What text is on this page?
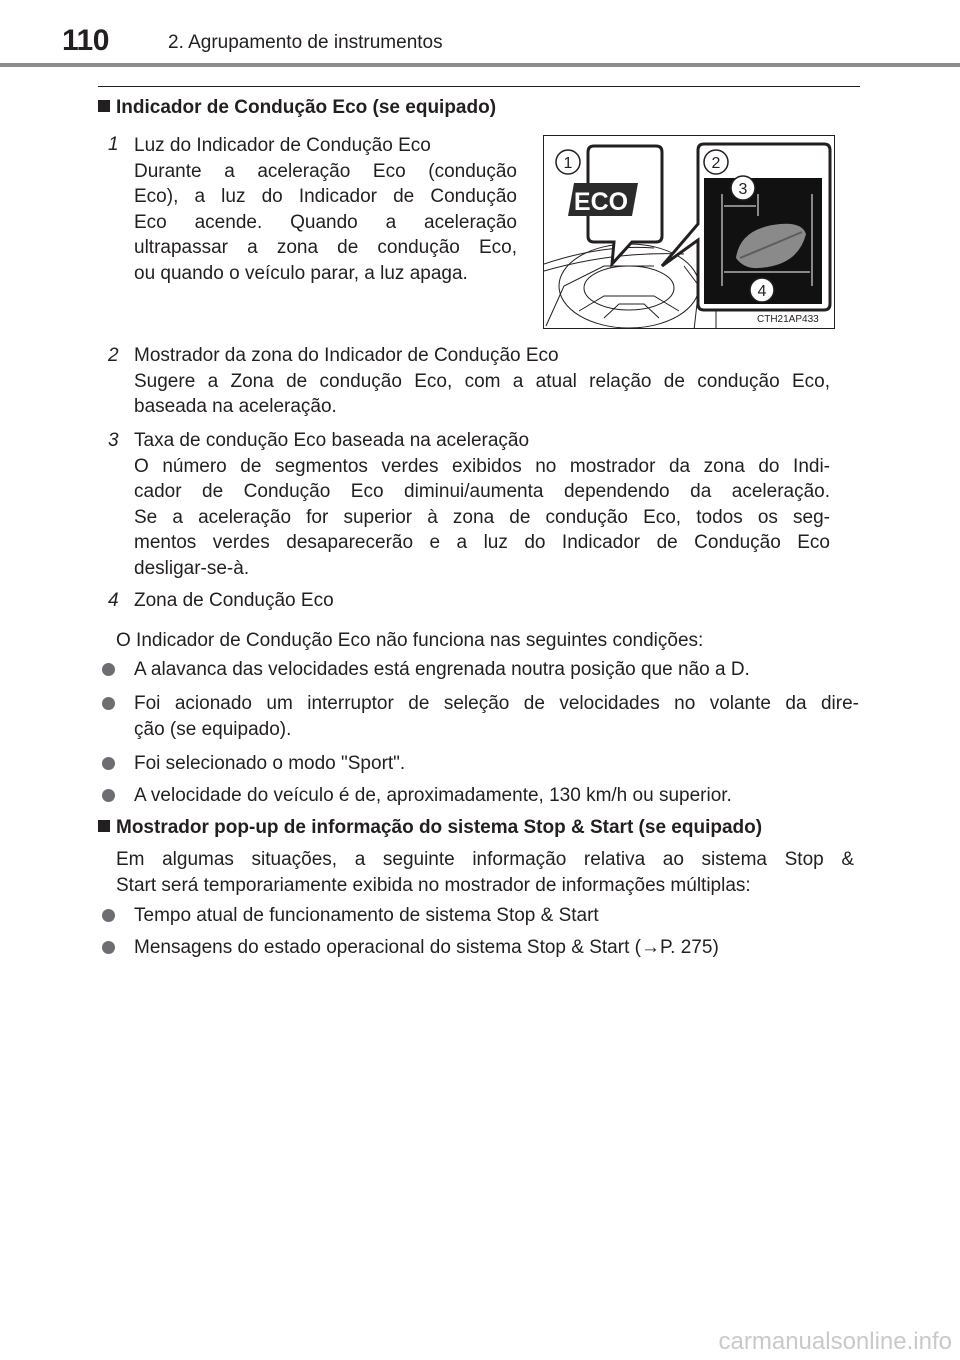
110	2. Agrupamento de instrumentos
Indicador de Condução Eco (se equipado)
1 Luz do Indicador de Condução Eco
Durante a aceleração Eco (condução
Eco), a luz do Indicador de Condução
Eco acende. Quando a aceleração
ultrapassar a zona de condução Eco,
ou quando o veículo parar, a luz apaga.
ECO
1	2
3
4
CTH21AP433
2 Mostrador da zona do Indicador de Condução Eco
Sugere a Zona de condução Eco, com a atual relação de condução Eco,
baseada na aceleração.
3 Taxa de condução Eco baseada na aceleração
O número de segmentos verdes exibidos no mostrador da zona do Indi-
cador de Condução Eco diminui/aumenta dependendo da aceleração.
Se a aceleração for superior à zona de condução Eco, todos os seg-
mentos verdes desaparecerão e a luz do Indicador de Condução Eco
desligar-se-à.
4 Zona de Condução Eco
O Indicador de Condução Eco não funciona nas seguintes condições:
A alavanca das velocidades está engrenada noutra posição que não a D.
Foi acionado um interruptor de seleção de velocidades no volante da dire-
ção (se equipado).
Foi selecionado o modo "Sport".
A velocidade do veículo é de, aproximadamente, 130 km/h ou superior.
Mostrador pop-up de informação do sistema Stop & Start (se equipado)
Em algumas situações, a seguinte informação relativa ao sistema Stop &
Start será temporariamente exibida no mostrador de informações múltiplas:
Tempo atual de funcionamento de sistema Stop & Start
Mensagens do estado operacional do sistema Stop & Start (→P. 275)
carmanualsonline.info
